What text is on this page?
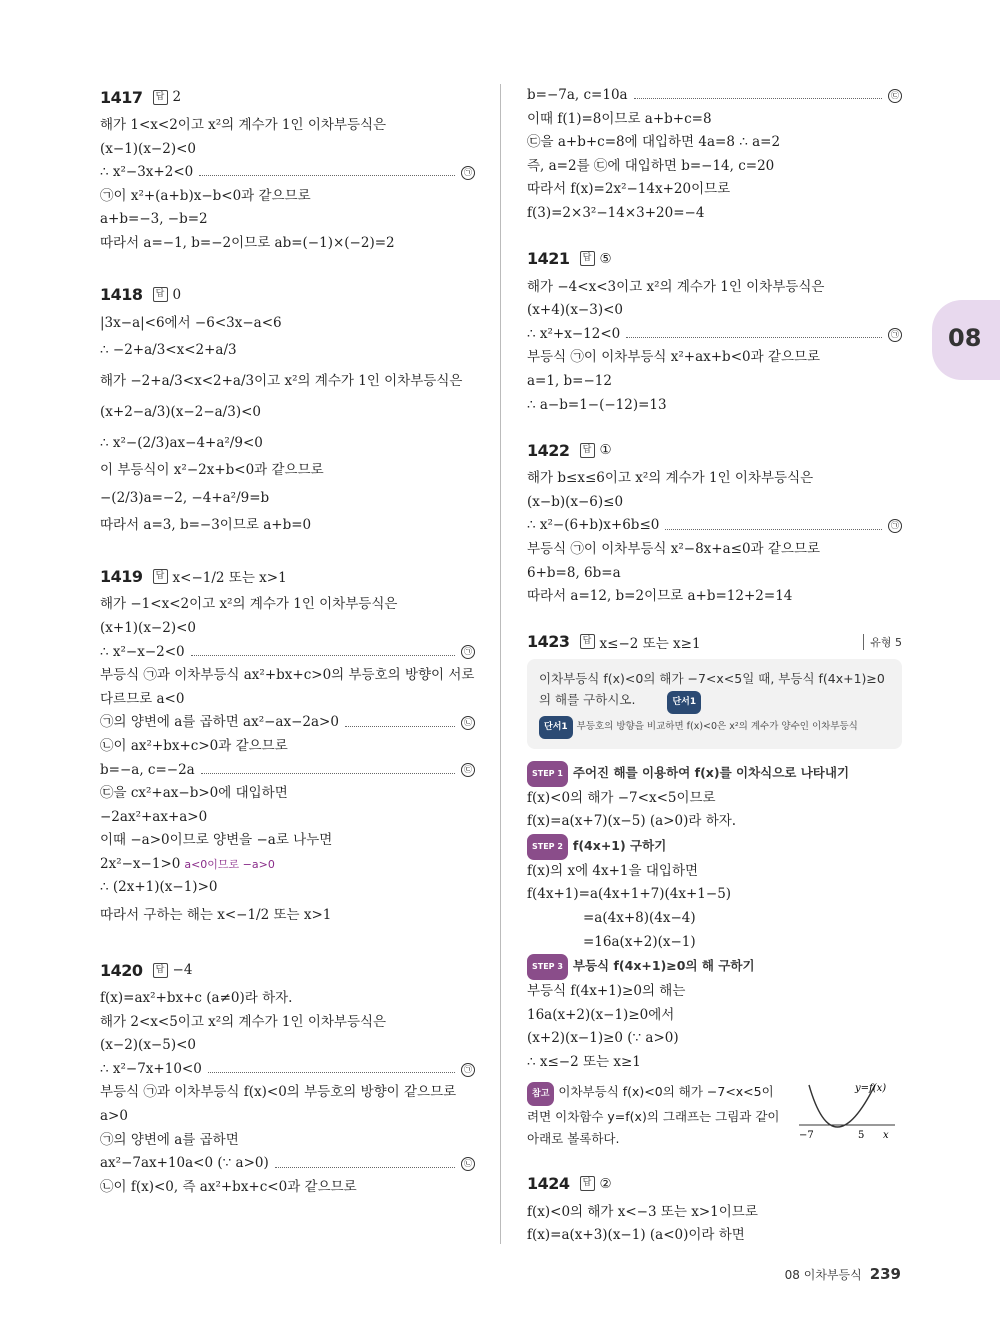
08
1417	답 2
해가 1<x<2이고 x²의 계수가 1인 이차부등식은
(x−1)(x−2)<0
∴ x²−3x+2<0	㉠
㉠이 x²+(a+b)x−b<0과 같으므로
a+b=−3, −b=2
따라서 a=−1, b=−2이므로 ab=(−1)×(−2)=2
1418	답 0
|3x−a|<6에서 −6<3x−a<6
∴ −2+a/3<x<2+a/3
해가 −2+a/3<x<2+a/3이고 x²의 계수가 1인 이차부등식은
(x+2−a/3)(x−2−a/3)<0
∴ x²−(2/3)ax−4+a²/9<0
이 부등식이 x²−2x+b<0과 같으므로
−(2/3)a=−2, −4+a²/9=b
따라서 a=3, b=−3이므로 a+b=0
1419	답 x<−1/2 또는 x>1
해가 −1<x<2이고 x²의 계수가 1인 이차부등식은
(x+1)(x−2)<0
∴ x²−x−2<0	㉠
부등식 ㉠과 이차부등식 ax²+bx+c>0의 부등호의 방향이 서로
다르므로 a<0
㉠의 양변에 a를 곱하면 ax²−ax−2a>0	㉡
㉡이 ax²+bx+c>0과 같으므로
b=−a, c=−2a	㉢
㉢을 cx²+ax−b>0에 대입하면
−2ax²+ax+a>0
이때 −a>0이므로 양변을 −a로 나누면
2x²−x−1>0 a<0이므로 −a>0
∴ (2x+1)(x−1)>0
따라서 구하는 해는 x<−1/2 또는 x>1
1420	답 −4
f(x)=ax²+bx+c (a≠0)라 하자.
해가 2<x<5이고 x²의 계수가 1인 이차부등식은
(x−2)(x−5)<0
∴ x²−7x+10<0	㉠
부등식 ㉠과 이차부등식 f(x)<0의 부등호의 방향이 같으므로
a>0
㉠의 양변에 a를 곱하면
ax²−7ax+10a<0 (∵ a>0)	㉡
㉡이 f(x)<0, 즉 ax²+bx+c<0과 같으므로
b=−7a, c=10a	㉢
이때 f(1)=8이므로 a+b+c=8
㉢을 a+b+c=8에 대입하면 4a=8 ∴ a=2
즉, a=2를 ㉢에 대입하면 b=−14, c=20
따라서 f(x)=2x²−14x+20이므로
f(3)=2×3²−14×3+20=−4
1421	답 ⑤
해가 −4<x<3이고 x²의 계수가 1인 이차부등식은
(x+4)(x−3)<0
∴ x²+x−12<0	㉠
부등식 ㉠이 이차부등식 x²+ax+b<0과 같으므로
a=1, b=−12
∴ a−b=1−(−12)=13
1422	답 ①
해가 b≤x≤6이고 x²의 계수가 1인 이차부등식은
(x−b)(x−6)≤0
∴ x²−(6+b)x+6b≤0	㉠
부등식 ㉠이 이차부등식 x²−8x+a≤0과 같으므로
6+b=8, 6b=a
따라서 a=12, b=2이므로 a+b=12+2=14
1423	답 x≤−2 또는 x≥1	유형 5
이차부등식 f(x)<0의 해가 −7<x<5일 때, 부등식 f(4x+1)≥0
의 해를 구하시오.	단서1
단서1 부등호의 방향을 비교하면 f(x)<0은 x²의 계수가 양수인 이차부등식
STEP 1 주어진 해를 이용하여 f(x)를 이차식으로 나타내기
f(x)<0의 해가 −7<x<5이므로
f(x)=a(x+7)(x−5) (a>0)라 하자.
STEP 2 f(4x+1) 구하기
f(x)의 x에 4x+1을 대입하면
f(4x+1)=a(4x+1+7)(4x+1−5)
=a(4x+8)(4x−4)
=16a(x+2)(x−1)
STEP 3 부등식 f(4x+1)≥0의 해 구하기
부등식 f(4x+1)≥0의 해는
16a(x+2)(x−1)≥0에서
(x+2)(x−1)≥0 (∵ a>0)
∴ x≤−2 또는 x≥1
참고 이차부등식 f(x)<0의 해가 −7<x<5이
려면 이차함수 y=f(x)의 그래프는 그림과 같이
아래로 볼록하다.
y=f(x)
−7	5 x
1424	답 ②
f(x)<0의 해가 x<−3 또는 x>1이므로
f(x)=a(x+3)(x−1) (a<0)이라 하면
08 이차부등식 239
